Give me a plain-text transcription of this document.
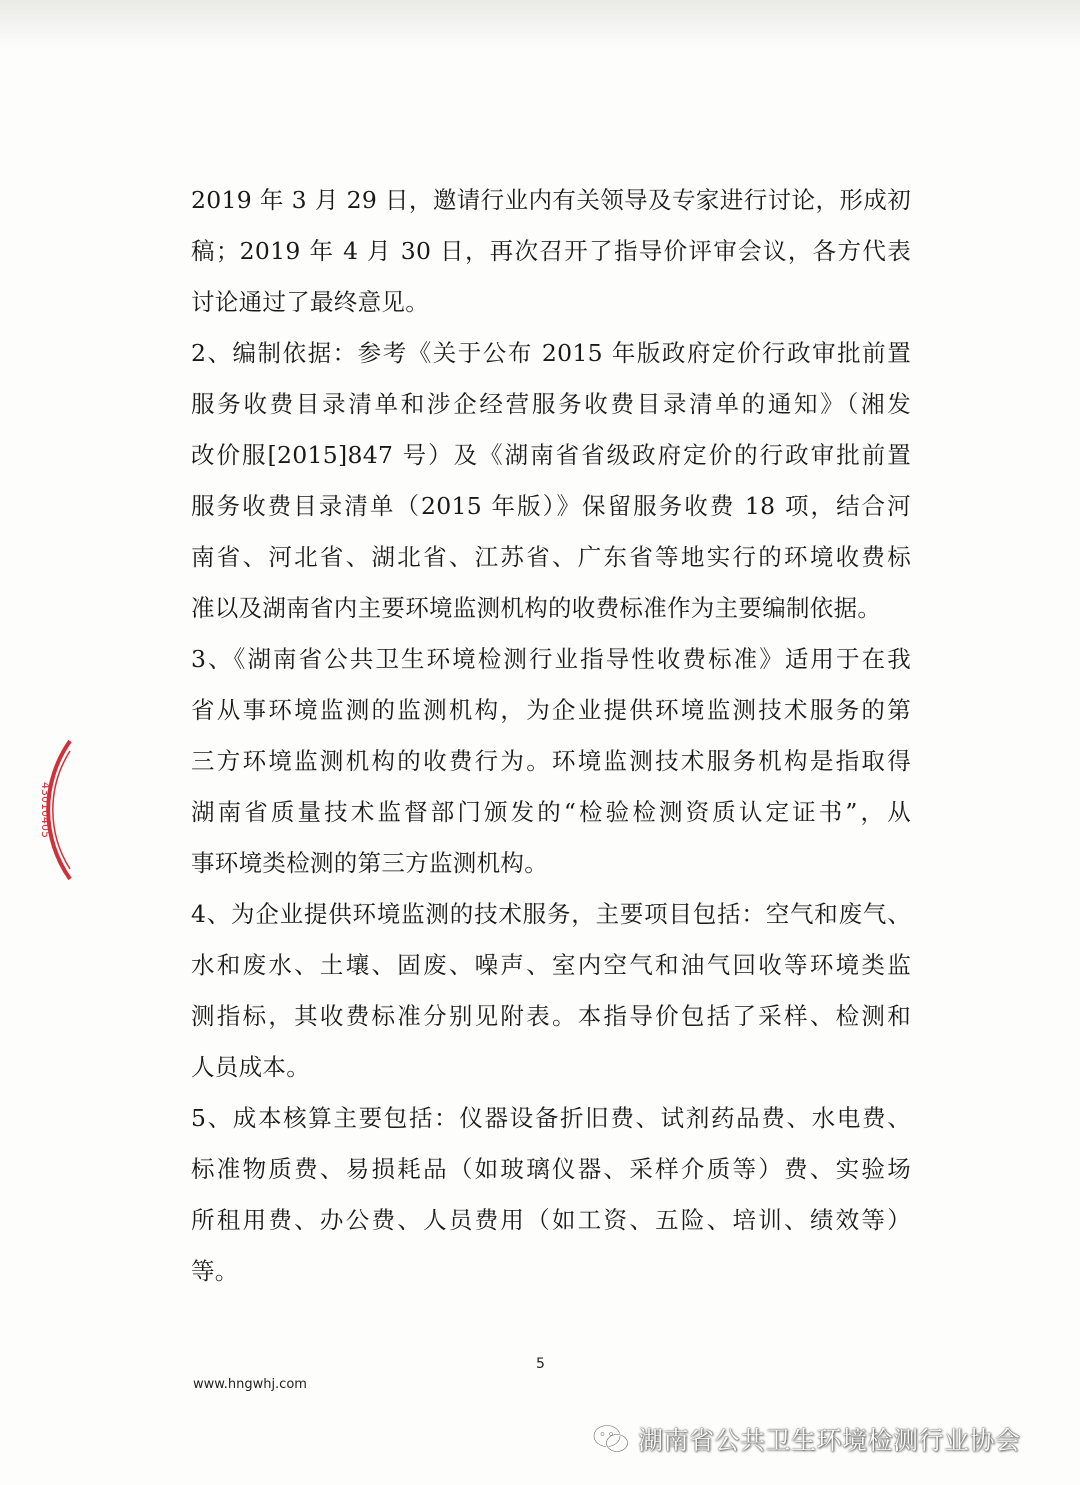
2019 年 3 月 29 日，邀请行业内有关领导及专家进行讨论，形成初
稿；2019 年 4 月 30 日，再次召开了指导价评审会议，各方代表
讨论通过了最终意见。
2、编制依据：参考《关于公布 2015 年版政府定价行政审批前置
服务收费目录清单和涉企经营服务收费目录清单的通知》（湘发
改价服[2015]847 号）及《湖南省省级政府定价的行政审批前置
服务收费目录清单（2015 年版）》保留服务收费 18 项，结合河
南省、河北省、湖北省、江苏省、广东省等地实行的环境收费标
准以及湖南省内主要环境监测机构的收费标准作为主要编制依据。
3、《湖南省公共卫生环境检测行业指导性收费标准》适用于在我
省从事环境监测的监测机构，为企业提供环境监测技术服务的第
三方环境监测机构的收费行为。环境监测技术服务机构是指取得
湖南省质量技术监督部门颁发的“检验检测资质认定证书”，从
事环境类检测的第三方监测机构。
4、为企业提供环境监测的技术服务，主要项目包括：空气和废气、
水和废水、土壤、固废、噪声、室内空气和油气回收等环境类监
测指标，其收费标准分别见附表。本指导价包括了采样、检测和
人员成本。
5、成本核算主要包括：仪器设备折旧费、试剂药品费、水电费、
标准物质费、易损耗品（如玻璃仪器、采样介质等）费、实验场
所租用费、办公费、人员费用（如工资、五险、培训、绩效等）
等。
43010405
5
www.hngwhj.com
湖南省公共卫生环境检测行业协会
